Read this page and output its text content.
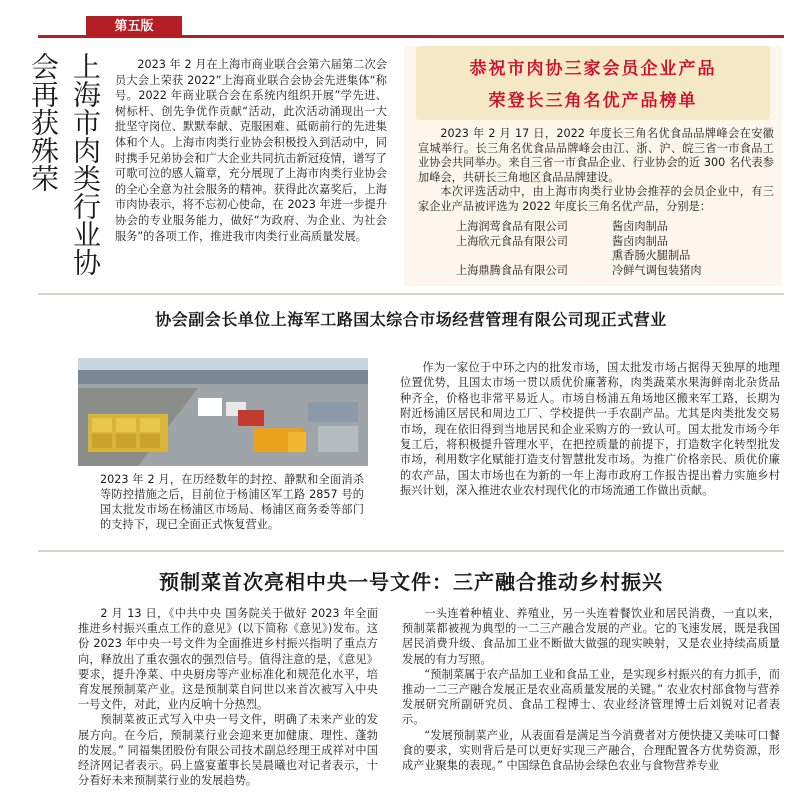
第五版
上海市肉类行业协会再获殊荣	2023 年 2 月在上海市商业联合会第六届第二次会员大会上荣获 2022”上海商业联合会协会先进集体“称号。2022 年商业联合会在系统内组织开展”学先进、树标杆、创先争优作贡献“活动，此次活动涌现出一大批坚守岗位、默默奉献、克服困难、砥砺前行的先进集体和个人。上海市肉类行业协会积极投入到活动中，同时携手兄弟协会和广大企业共同抗击新冠疫情，谱写了可歌可泣的感人篇章，充分展现了上海市肉类行业协会的全心全意为社会服务的精神。获得此次嘉奖后，上海市肉协表示，将不忘初心使命，在 2023 年进一步提升协会的专业服务能力，做好“为政府、为企业、为社会服务”的各项工作，推进我市肉类行业高质量发展。

恭祝市肉协三家会员企业产品
荣登长三角名优产品榜单

2023 年 2 月 17 日，2022 年度长三角名优食品品牌峰会在安徽宣城举行。长三角名优食品品牌峰会由江、浙、沪、皖三省一市食品工业协会共同举办。来自三省一市食品企业、行业协会的近 300 名代表参加峰会，共研长三角地区食品品牌建设。

本次评选活动中，由上海市肉类行业协会推荐的会员企业中，有三家企业产品被评选为 2022 年度长三角名优产品，分别是：

上海润莺食品有限公司	酱卤肉制品
上海欣元食品有限公司	酱卤肉制品
熏香肠火腿制品
上海鼎腾食品有限公司	冷鲜气调包装猪肉
协会副会长单位上海军工路国太综合市场经营管理有限公司现正式营业
2023 年 2 月，在历经数年的封控、静默和全面消杀等防控措施之后，目前位于杨浦区军工路 2857 号的国太批发市场在杨浦区市场局、杨浦区商务委等部门的支持下，现已全面正式恢复营业。

作为一家位于中环之内的批发市场，国太批发市场占据得天独厚的地理位置优势，且国太市场一贯以质优价廉著称，肉类蔬菜水果海鲜南北杂货品种齐全，价格也非常平易近人。市场自杨浦五角场地区搬来军工路，长期为附近杨浦区居民和周边工厂、学校提供一手农副产品。尤其是肉类批发交易市场，现在依旧得到当地居民和企业采购方的一致认可。国太批发市场今年复工后，将积极提升管理水平，在把控质量的前提下，打造数字化转型批发市场，利用数字化赋能打造支付智慧批发市场。为推广价格亲民、质优价廉的农产品，国太市场也在为新的一年上海市政府工作报告提出着力实施乡村振兴计划，深入推进农业农村现代化的市场流通工作做出贡献。

预制菜首次亮相中央一号文件：三产融合推动乡村振兴

2 月 13 日，《中共中央 国务院关于做好 2023 年全面推进乡村振兴重点工作的意见》(以下简称《意见》)发布。这份 2023 年中央一号文件为全面推进乡村振兴指明了重点方向，释放出了重农强农的强烈信号。值得注意的是，《意见》要求，提升净菜、中央厨房等产业标准化和规范化水平，培育发展预制菜产业。这是预制菜自问世以来首次被写入中央一号文件，对此，业内反响十分热烈。

预制菜被正式写入中央一号文件，明确了未来产业的发展方向。在今后，预制菜行业会迎来更加健康、理性、蓬勃的发展。” 同福集团股份有限公司技术副总经理王成祥对中国经济网记者表示。码上盛宴董事长吴晨曦也对记者表示，十分看好未来预制菜行业的发展趋势。

一头连着种植业、养殖业，另一头连着餐饮业和居民消费，一直以来，预制菜都被视为典型的一二三产融合发展的产业。它的飞速发展，既是我国居民消费升级、食品加工业不断做大做强的现实映射，又是农业持续高质量发展的有力写照。

“预制菜属于农产品加工业和食品工业，是实现乡村振兴的有力抓手，而推动一二三产融合发展正是农业高质量发展的关键。” 农业农村部食物与营养发展研究所副研究员、食品工程博士、农业经济管理博士后刘锐对记者表示。

“发展预制菜产业，从表面看是满足当今消费者对方便快捷又美味可口餐食的要求，实则背后是可以更好实现三产融合，合理配置各方优势资源，形成产业聚集的表现。” 中国绿色食品协会绿色农业与食物营养专业
